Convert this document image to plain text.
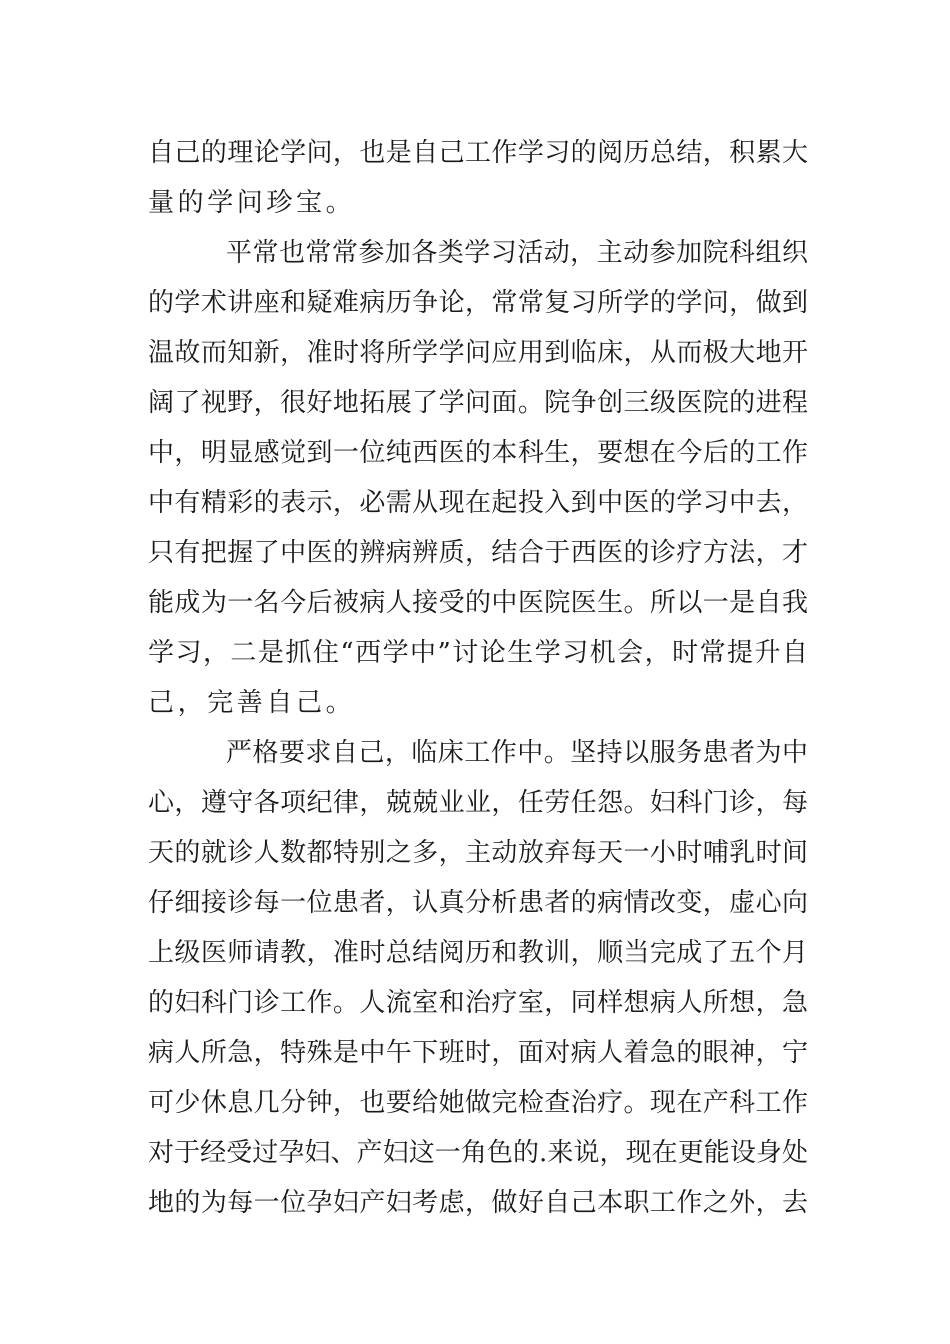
自己的理论学问，也是自己工作学习的阅历总结，积累大
量的学问珍宝。
平常也常常参加各类学习活动，主动参加院科组织
的学术讲座和疑难病历争论，常常复习所学的学问，做到
温故而知新，准时将所学学问应用到临床，从而极大地开
阔了视野，很好地拓展了学问面。院争创三级医院的进程
中，明显感觉到一位纯西医的本科生，要想在今后的工作
中有精彩的表示，必需从现在起投入到中医的学习中去，
只有把握了中医的辨病辨质，结合于西医的诊疗方法，才
能成为一名今后被病人接受的中医院医生。所以一是自我
学习，二是抓住“西学中”讨论生学习机会，时常提升自
己，完善自己。
严格要求自己，临床工作中。坚持以服务患者为中
心，遵守各项纪律，兢兢业业，任劳任怨。妇科门诊，每
天的就诊人数都特别之多，主动放弃每天一小时哺乳时间
仔细接诊每一位患者，认真分析患者的病情改变，虚心向
上级医师请教，准时总结阅历和教训，顺当完成了五个月
的妇科门诊工作。人流室和治疗室，同样想病人所想，急
病人所急，特殊是中午下班时，面对病人着急的眼神，宁
可少休息几分钟，也要给她做完检查治疗。现在产科工作
对于经受过孕妇、产妇这一角色的.来说，现在更能设身处
地的为每一位孕妇产妇考虑，做好自己本职工作之外，去
